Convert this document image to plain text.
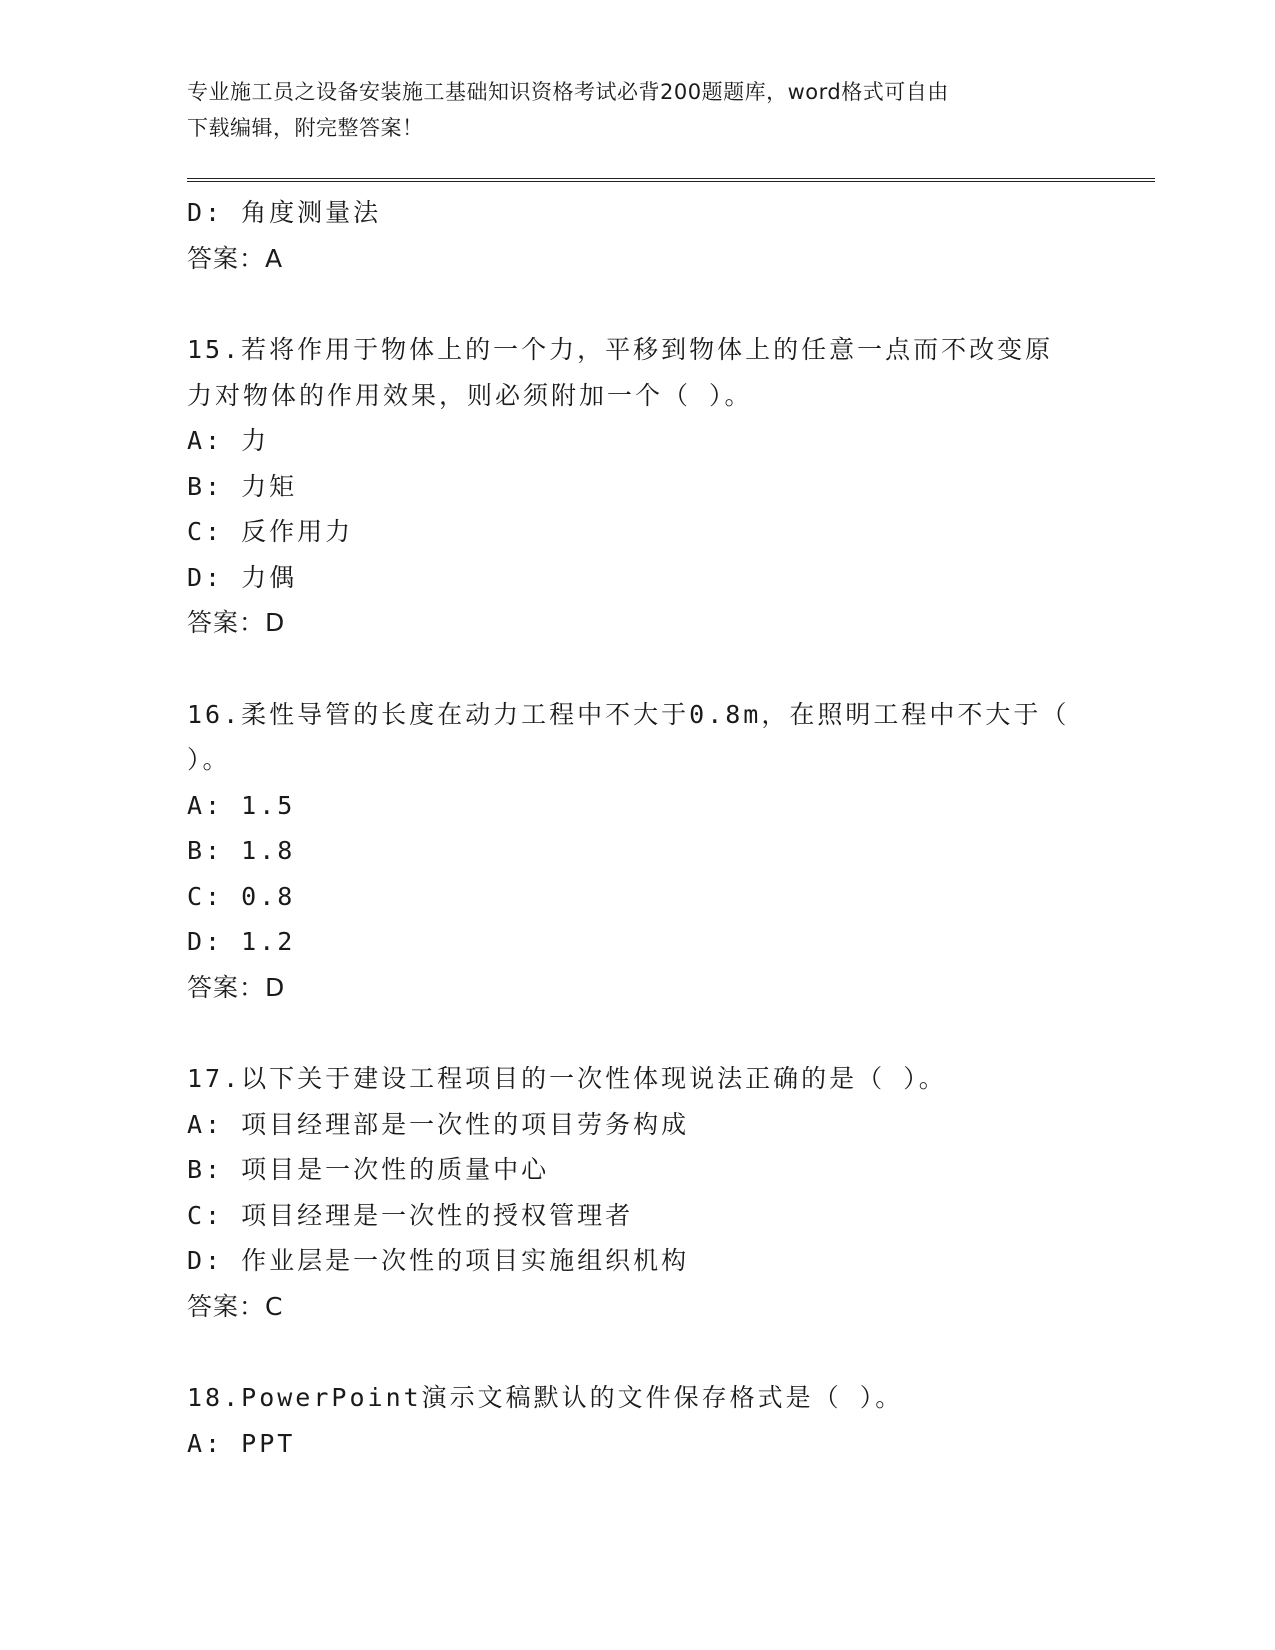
专业施工员之设备安装施工基础知识资格考试必背200题题库，word格式可自由
下载编辑，附完整答案！
D: 角度测量法
答案：A
15.若将作用于物体上的一个力，平移到物体上的任意一点而不改变原
力对物体的作用效果，则必须附加一个（ ）。
A: 力
B: 力矩
C: 反作用力
D: 力偶
答案：D
16.柔性导管的长度在动力工程中不大于0.8m，在照明工程中不大于（
）。
A: 1.5
B: 1.8
C: 0.8
D: 1.2
答案：D
17.以下关于建设工程项目的一次性体现说法正确的是（ ）。
A: 项目经理部是一次性的项目劳务构成
B: 项目是一次性的质量中心
C: 项目经理是一次性的授权管理者
D: 作业层是一次性的项目实施组织机构
答案：C
18.PowerPoint演示文稿默认的文件保存格式是（ ）。
A: PPT
